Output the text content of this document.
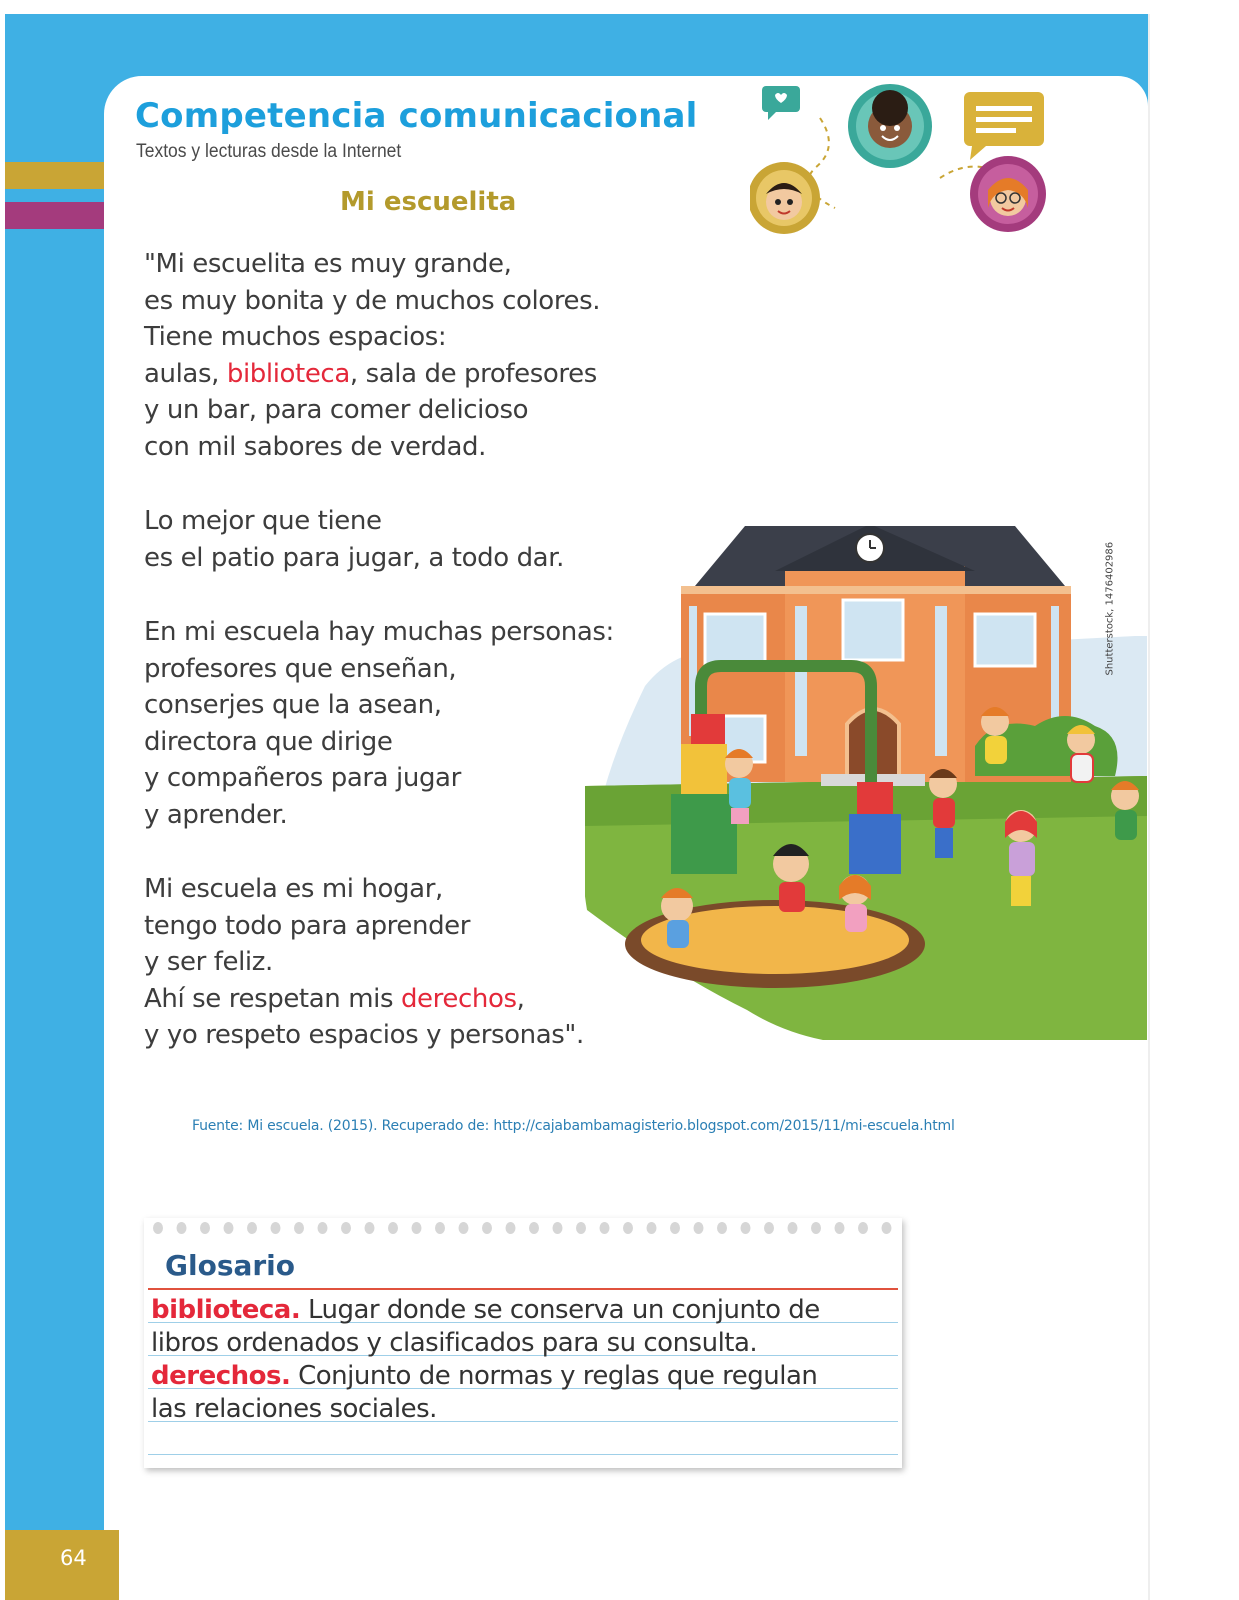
Competencia comunicacional
Textos y lecturas desde la Internet
Mi escuelita
"Mi escuelita es muy grande,
es muy bonita y de muchos colores.
Tiene muchos espacios:
aulas, biblioteca, sala de profesores
y un bar, para comer delicioso
con mil sabores de verdad.
Lo mejor que tiene
es el patio para jugar, a todo dar.
En mi escuela hay muchas personas:
profesores que enseñan,
conserjes que la asean,
directora que dirige
y compañeros para jugar
y aprender.
Mi escuela es mi hogar,
tengo todo para aprender
y ser feliz.
Ahí se respetan mis derechos,
y yo respeto espacios y personas".
Shutterstock, 1476402986
Fuente: Mi escuela. (2015). Recuperado de: http://cajabambamagisterio.blogspot.com/2015/11/mi-escuela.html
Glosario
biblioteca. Lugar donde se conserva un conjunto de
libros ordenados y clasificados para su consulta.
derechos. Conjunto de normas y reglas que regulan
las relaciones sociales.
64
